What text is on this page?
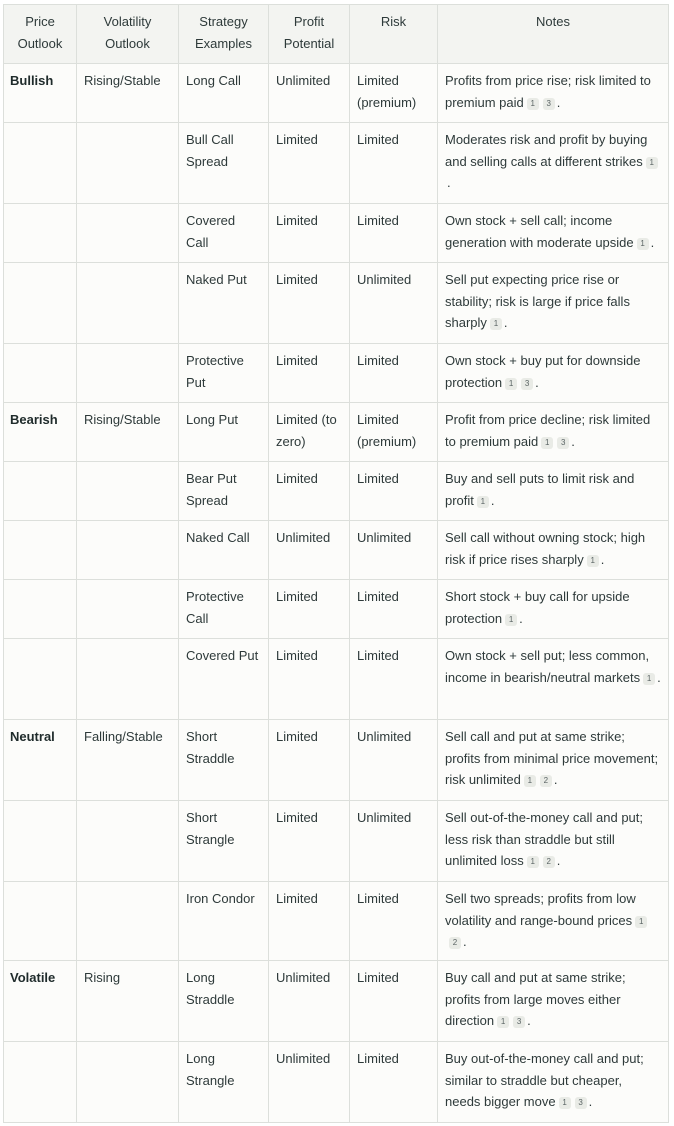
Price Outlook	Volatility Outlook	Strategy Examples	Profit Potential	Risk	Notes
Bullish	Rising/Stable	Long Call	Unlimited	Limited (premium)	Profits from price rise; risk limited to premium paid 1 3 .
		Bull Call Spread	Limited	Limited	Moderates risk and profit by buying and selling calls at different strikes 1.
		Covered Call	Limited	Limited	Own stock + sell call; income generation with moderate upside 1 .
		Naked Put	Limited	Unlimited	Sell put expecting price rise or stability; risk is large if price falls sharply 1 .
		Protective Put	Limited	Limited	Own stock + buy put for downside protection 1 3 .
Bearish	Rising/Stable	Long Put	Limited (to zero)	Limited (premium)	Profit from price decline; risk limited to premium paid 1 3 .
		Bear Put Spread	Limited	Limited	Buy and sell puts to limit risk and profit 1 .
		Naked Call	Unlimited	Unlimited	Sell call without owning stock; high risk if price rises sharply 1 .
		Protective Call	Limited	Limited	Short stock + buy call for upside protection 1 .
		Covered Put	Limited	Limited	Own stock + sell put; less common, income in bearish/neutral markets 1 .
Neutral	Falling/Stable	Short Straddle	Limited	Unlimited	Sell call and put at same strike; profits from minimal price movement; risk unlimited 1 2 .
		Short Strangle	Limited	Unlimited	Sell out-of-the-money call and put; less risk than straddle but still unlimited loss 1 2 .
		Iron Condor	Limited	Limited	Sell two spreads; profits from low volatility and range-bound prices 12 .
Volatile	Rising	Long Straddle	Unlimited	Limited	Buy call and put at same strike; profits from large moves either direction 1 3 .
		Long Strangle	Unlimited	Limited	Buy out-of-the-money call and put; similar to straddle but cheaper, needs bigger move 1 3 .
